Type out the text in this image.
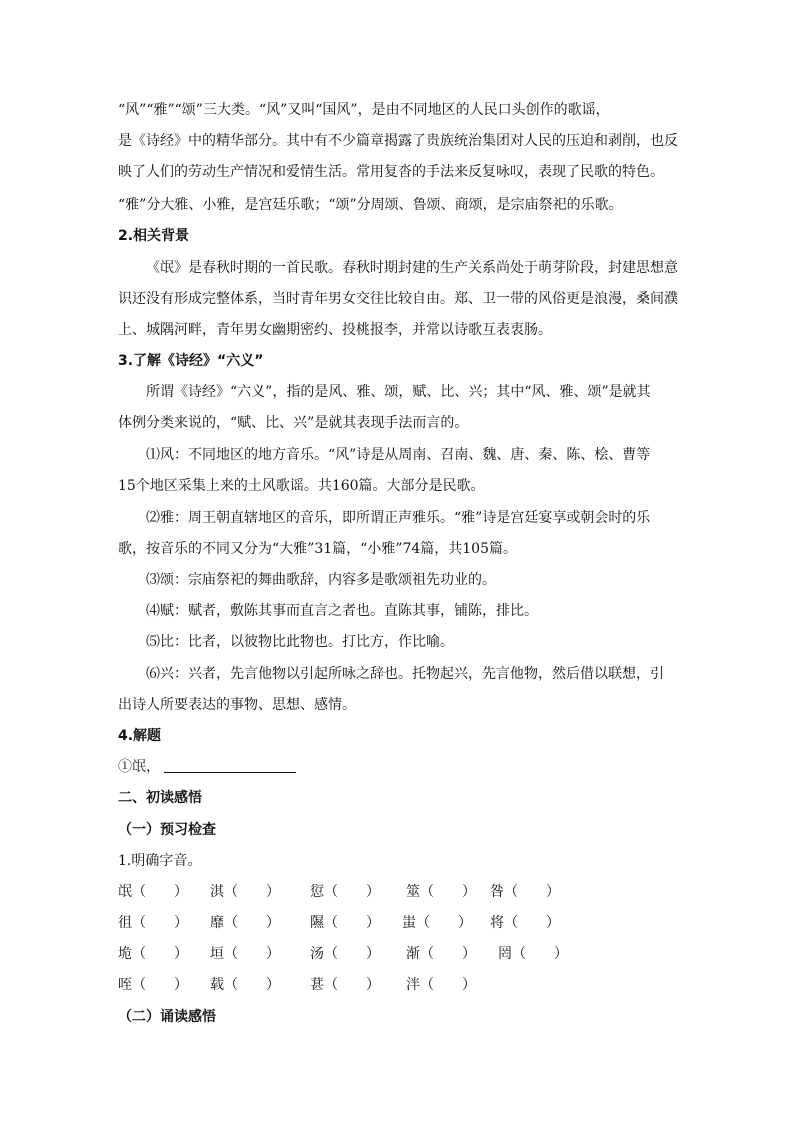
“风”“雅”“颂”三大类。“风”又叫“国风”，是由不同地区的人民口头创作的歌谣，
是《诗经》中的精华部分。其中有不少篇章揭露了贵族统治集团对人民的压迫和剥削，也反
映了人们的劳动生产情况和爱情生活。常用复沓的手法来反复咏叹，表现了民歌的特色。
“雅”分大雅、小雅，是宫廷乐歌；“颂”分周颂、鲁颂、商颂，是宗庙祭祀的乐歌。
2.相关背景
《氓》是春秋时期的一首民歌。春秋时期封建的生产关系尚处于萌芽阶段，封建思想意
识还没有形成完整体系，当时青年男女交往比较自由。郑、卫一带的风俗更是浪漫，桑间濮
上、城隅河畔，青年男女幽期密约、投桃报李，并常以诗歌互表衷肠。
3.了解《诗经》“六义”
所谓《诗经》“六义”，指的是风、雅、颂，赋、比、兴；其中“风、雅、颂”是就其
体例分类来说的，“赋、比、兴”是就其表现手法而言的。
⑴风：不同地区的地方音乐。“风”诗是从周南、召南、魏、唐、秦、陈、桧、曹等
15个地区采集上来的土风歌谣。共160篇。大部分是民歌。
⑵雅：周王朝直辖地区的音乐，即所谓正声雅乐。“雅”诗是宫廷宴享或朝会时的乐
歌，按音乐的不同又分为“大雅”31篇，“小雅”74篇，共105篇。
⑶颂：宗庙祭祀的舞曲歌辞，内容多是歌颂祖先功业的。
⑷赋：赋者，敷陈其事而直言之者也。直陈其事，铺陈，排比。
⑸比：比者，以彼物比此物也。打比方，作比喻。
⑹兴：兴者，先言他物以引起所咏之辞也。托物起兴，先言他物，然后借以联想，引
出诗人所要表达的事物、思想、感情。
4.解题
①氓，
二、初读感悟
（一）预习检查
1.明确字音。
氓（　　） 淇（　　） 愆（　　） 筮（　　） 咎（　　）
徂（　　） 靡（　　） 隰（　　） 蚩（　　） 将（　　）
垝（　　） 垣（　　） 汤（　　） 渐（　　） 罔（　　）
咥（　　） 载（　　） 葚（　　） 泮（　　）
（二）诵读感悟
